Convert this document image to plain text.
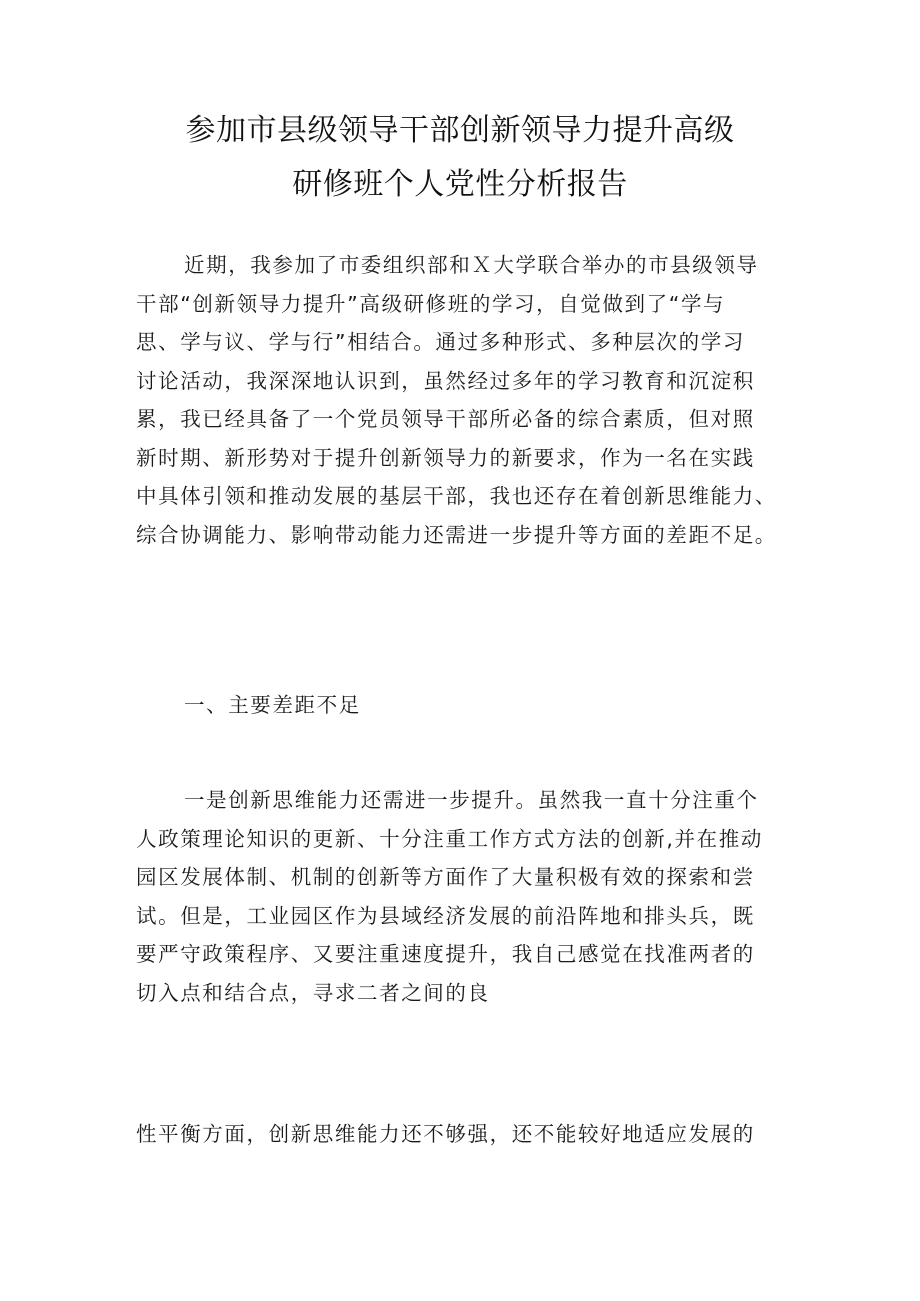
参加市县级领导干部创新领导力提升高级
研修班个人党性分析报告

近期，我参加了市委组织部和Ｘ大学联合举办的市县级领导
干部“创新领导力提升”高级研修班的学习，自觉做到了“学与
思、学与议、学与行”相结合。通过多种形式、多种层次的学习
讨论活动，我深深地认识到，虽然经过多年的学习教育和沉淀积
累，我已经具备了一个党员领导干部所必备的综合素质，但对照
新时期、新形势对于提升创新领导力的新要求，作为一名在实践
中具体引领和推动发展的基层干部，我也还存在着创新思维能力、
综合协调能力、影响带动能力还需进一步提升等方面的差距不足。

一、主要差距不足

一是创新思维能力还需进一步提升。虽然我一直十分注重个
人政策理论知识的更新、十分注重工作方式方法的创新,并在推动
园区发展体制、机制的创新等方面作了大量积极有效的探索和尝
试。但是，工业园区作为县域经济发展的前沿阵地和排头兵，既
要严守政策程序、又要注重速度提升，我自己感觉在找准两者的
切入点和结合点，寻求二者之间的良

性平衡方面，创新思维能力还不够强，还不能较好地适应发展的
